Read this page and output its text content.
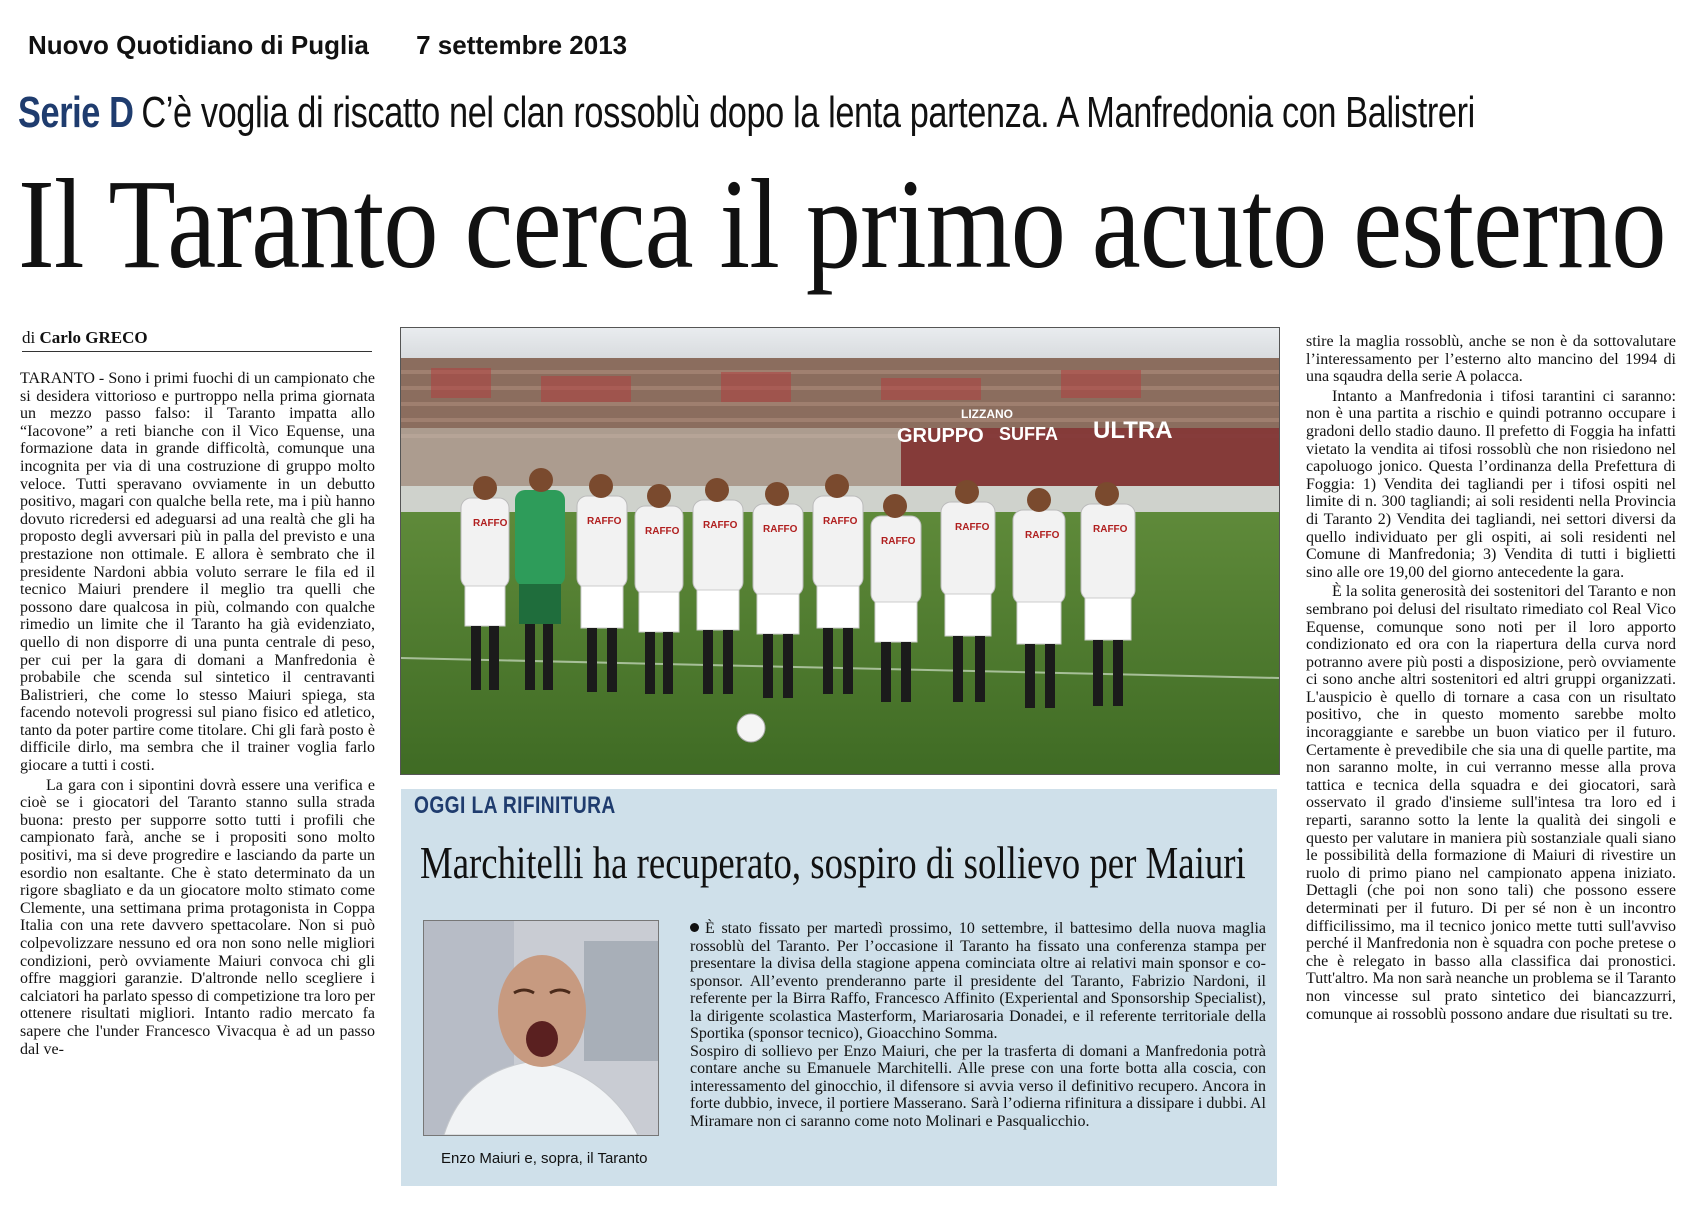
Nuovo Quotidiano di Puglia 7 settembre 2013
Serie D C’è voglia di riscatto nel clan rossoblù dopo la lenta partenza. A Manfredonia con Balistreri
Il Taranto cerca il primo acuto esterno
di Carlo GRECO

TARANTO - Sono i primi fuochi di un campionato che si desidera vittorioso e purtroppo nella prima giornata un mezzo passo falso: il Taranto impatta allo “Iacovone” a reti bianche con il Vico Equense, una formazione data in grande difficoltà, comunque una incognita per via di una costruzione di gruppo molto veloce. Tutti speravano ovviamente in un debutto positivo, magari con qualche bella rete, ma i più hanno dovuto ricredersi ed adeguarsi ad una realtà che gli ha proposto degli avversari più in palla del previsto e una prestazione non ottimale. E allora è sembrato che il presidente Nardoni abbia voluto serrare le fila ed il tecnico Maiuri prendere il meglio tra quelli che possono dare qualcosa in più, colmando con qualche rimedio un limite che il Taranto ha già evidenziato, quello di non disporre di una punta centrale di peso, per cui per la gara di domani a Manfredonia è probabile che scenda sul sintetico il centravanti Balistrieri, che come lo stesso Maiuri spiega, sta facendo notevoli progressi sul piano fisico ed atletico, tanto da poter partire come titolare. Chi gli farà posto è difficile dirlo, ma sembra che il trainer voglia farlo giocare a tutti i costi.

La gara con i sipontini dovrà essere una verifica e cioè se i giocatori del Taranto stanno sulla strada buona: presto per supporre sotto tutti i profili che campionato farà, anche se i propositi sono molto positivi, ma si deve progredire e lasciando da parte un esordio non esaltante. Che è stato determinato da un rigore sbagliato e da un giocatore molto stimato come Clemente, una settimana prima protagonista in Coppa Italia con una rete davvero spettacolare. Non si può colpevolizzare nessuno ed ora non sono nelle migliori condizioni, però ovviamente Maiuri convoca chi gli offre maggiori garanzie. D'altronde nello scegliere i calciatori ha parlato spesso di competizione tra loro per ottenere risultati migliori. Intanto radio mercato fa sapere che l'under Francesco Vivacqua è ad un passo dal ve-

GRUPPO SUFFA ULTRA
LIZZANO
RAFFO	RAFFO
RAFFO
RAFFO	RAFFO
RAFFO
RAFFO
RAFFO
RAFFO
RAFFO
OGGI LA RIFINITURA
Marchitelli ha recuperato, sospiro di sollievo per Maiuri
Enzo Maiuri e, sopra, il Taranto

È stato fissato per martedì prossimo, 10 settembre, il battesimo della nuova maglia rossoblù del Taranto. Per l’occasione il Taranto ha fissato una conferenza stampa per presentare la divisa della stagione appena cominciata oltre ai relativi main sponsor e co-sponsor. All’evento prenderanno parte il presidente del Taranto, Fabrizio Nardoni, il referente per la Birra Raffo, Francesco Affinito (Experiental and Sponsorship Specialist), la dirigente scolastica Masterform, Mariarosaria Donadei, e il referente territoriale della Sportika (sponsor tecnico), Gioacchino Somma.

Sospiro di sollievo per Enzo Maiuri, che per la trasferta di domani a Manfredonia potrà contare anche su Emanuele Marchitelli. Alle prese con una forte botta alla coscia, con interessamento del ginocchio, il difensore si avvia verso il definitivo recupero. Ancora in forte dubbio, invece, il portiere Masserano. Sarà l’odierna rifinitura a dissipare i dubbi. Al Miramare non ci saranno come noto Molinari e Pasqualicchio.

stire la maglia rossoblù, anche se non è da sottovalutare l’interessamento per l’esterno alto mancino del 1994 di una sqaudra della serie A polacca.

Intanto a Manfredonia i tifosi tarantini ci saranno: non è una partita a rischio e quindi potranno occupare i gradoni dello stadio dauno. Il prefetto di Foggia ha infatti vietato la vendita ai tifosi rossoblù che non risiedono nel capoluogo jonico. Questa l’ordinanza della Prefettura di Foggia: 1) Vendita dei tagliandi per i tifosi ospiti nel limite di n. 300 tagliandi; ai soli residenti nella Provincia di Taranto 2) Vendita dei tagliandi, nei settori diversi da quello individuato per gli ospiti, ai soli residenti nel Comune di Manfredonia; 3) Vendita di tutti i biglietti sino alle ore 19,00 del giorno antecedente la gara.

È la solita generosità dei sostenitori del Taranto e non sembrano poi delusi del risultato rimediato col Real Vico Equense, comunque sono noti per il loro apporto condizionato ed ora con la riapertura della curva nord potranno avere più posti a disposizione, però ovviamente ci sono anche altri sostenitori ed altri gruppi organizzati. L'auspicio è quello di tornare a casa con un risultato positivo, che in questo momento sarebbe molto incoraggiante e sarebbe un buon viatico per il futuro. Certamente è prevedibile che sia una di quelle partite, ma non saranno molte, in cui verranno messe alla prova tattica e tecnica della squadra e dei giocatori, sarà osservato il grado d'insieme sull'intesa tra loro ed i reparti, saranno sotto la lente la qualità dei singoli e questo per valutare in maniera più sostanziale quali siano le possibilità della formazione di Maiuri di rivestire un ruolo di primo piano nel campionato appena iniziato. Dettagli (che poi non sono tali) che possono essere determinati per il futuro. Di per sé non è un incontro difficilissimo, ma il tecnico jonico mette tutti sull'avviso perché il Manfredonia non è squadra con poche pretese o che è relegato in basso alla classifica dai pronostici. Tutt'altro. Ma non sarà neanche un problema se il Taranto non vincesse sul prato sintetico dei biancazzurri, comunque ai rossoblù possono andare due risultati su tre.
